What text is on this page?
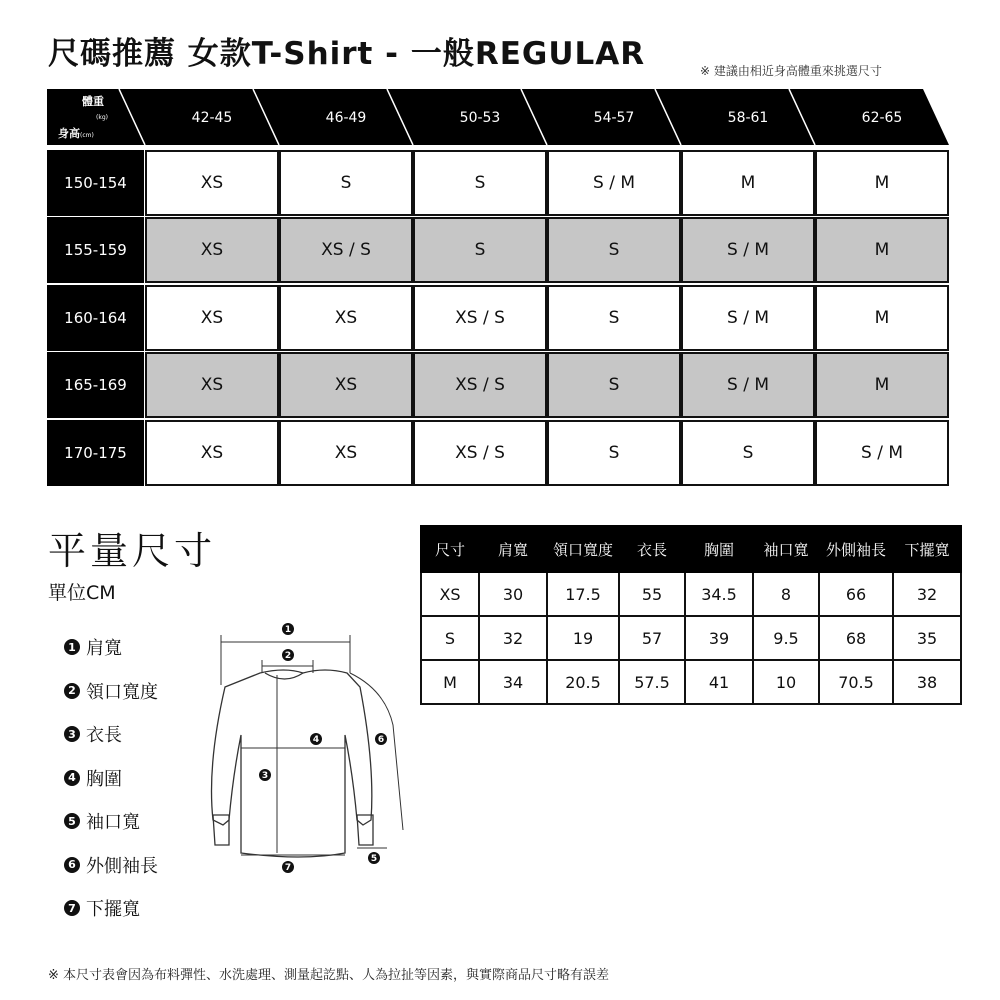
尺碼推薦 女款T-Shirt - 一般REGULAR	※ 建議由相近身高體重來挑選尺寸
體重
(kg)
身高(cm)
42-45	46-49	50-53	54-57	58-61	62-65
150-154	XS	S	S	S / M	M	M
155-159	XS	XS / S	S	S	S / M	M
160-164	XS	XS	XS / S	S	S / M	M
165-169	XS	XS	XS / S	S	S / M	M
170-175	XS	XS	XS / S	S	S	S / M
平量尺寸
單位CM
1 肩寬
2 領口寬度
3 衣長
4 胸圍
5 袖口寬
6 外側袖長
7 下擺寬
1
2
3
4
5
6
7
尺寸	肩寬	領口寬度	衣長	胸圍	袖口寬	外側袖長	下擺寬
XS	30	17.5	55	34.5	8	66	32
S	32	19	57	39	9.5	68	35
M	34	20.5	57.5	41	10	70.5	38
※ 本尺寸表會因為布料彈性、水洗處理、測量起訖點、人為拉扯等因素，與實際商品尺寸略有誤差
